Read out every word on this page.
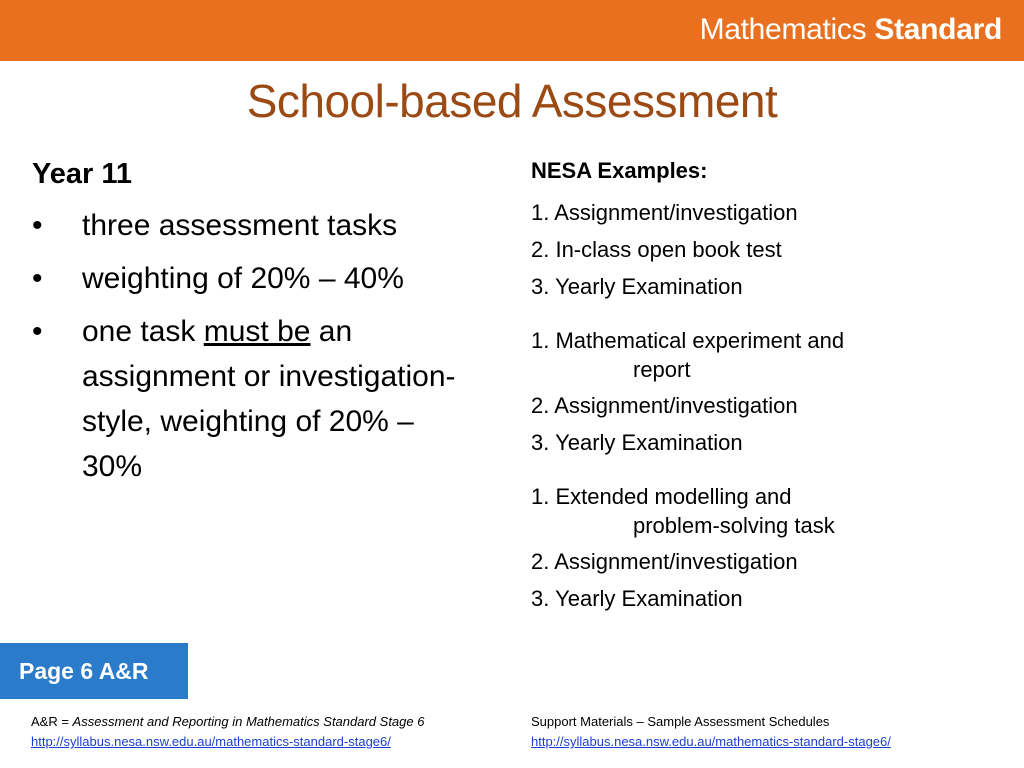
Mathematics Standard
School-based Assessment
Year 11
• three assessment tasks
• weighting of 20% – 40%
• one task must be an assignment or investigation-style, weighting of 20% – 30%
NESA Examples:
1. Assignment/investigation
2. In-class open book test
3. Yearly Examination
1. Mathematical experiment and
report
2. Assignment/investigation
3. Yearly Examination
1. Extended modelling and
problem-solving task
2. Assignment/investigation
3. Yearly Examination
Page 6 A&R
A&R = Assessment and Reporting in Mathematics Standard Stage 6
http://syllabus.nesa.nsw.edu.au/mathematics-standard-stage6/
Support Materials – Sample Assessment Schedules
http://syllabus.nesa.nsw.edu.au/mathematics-standard-stage6/
